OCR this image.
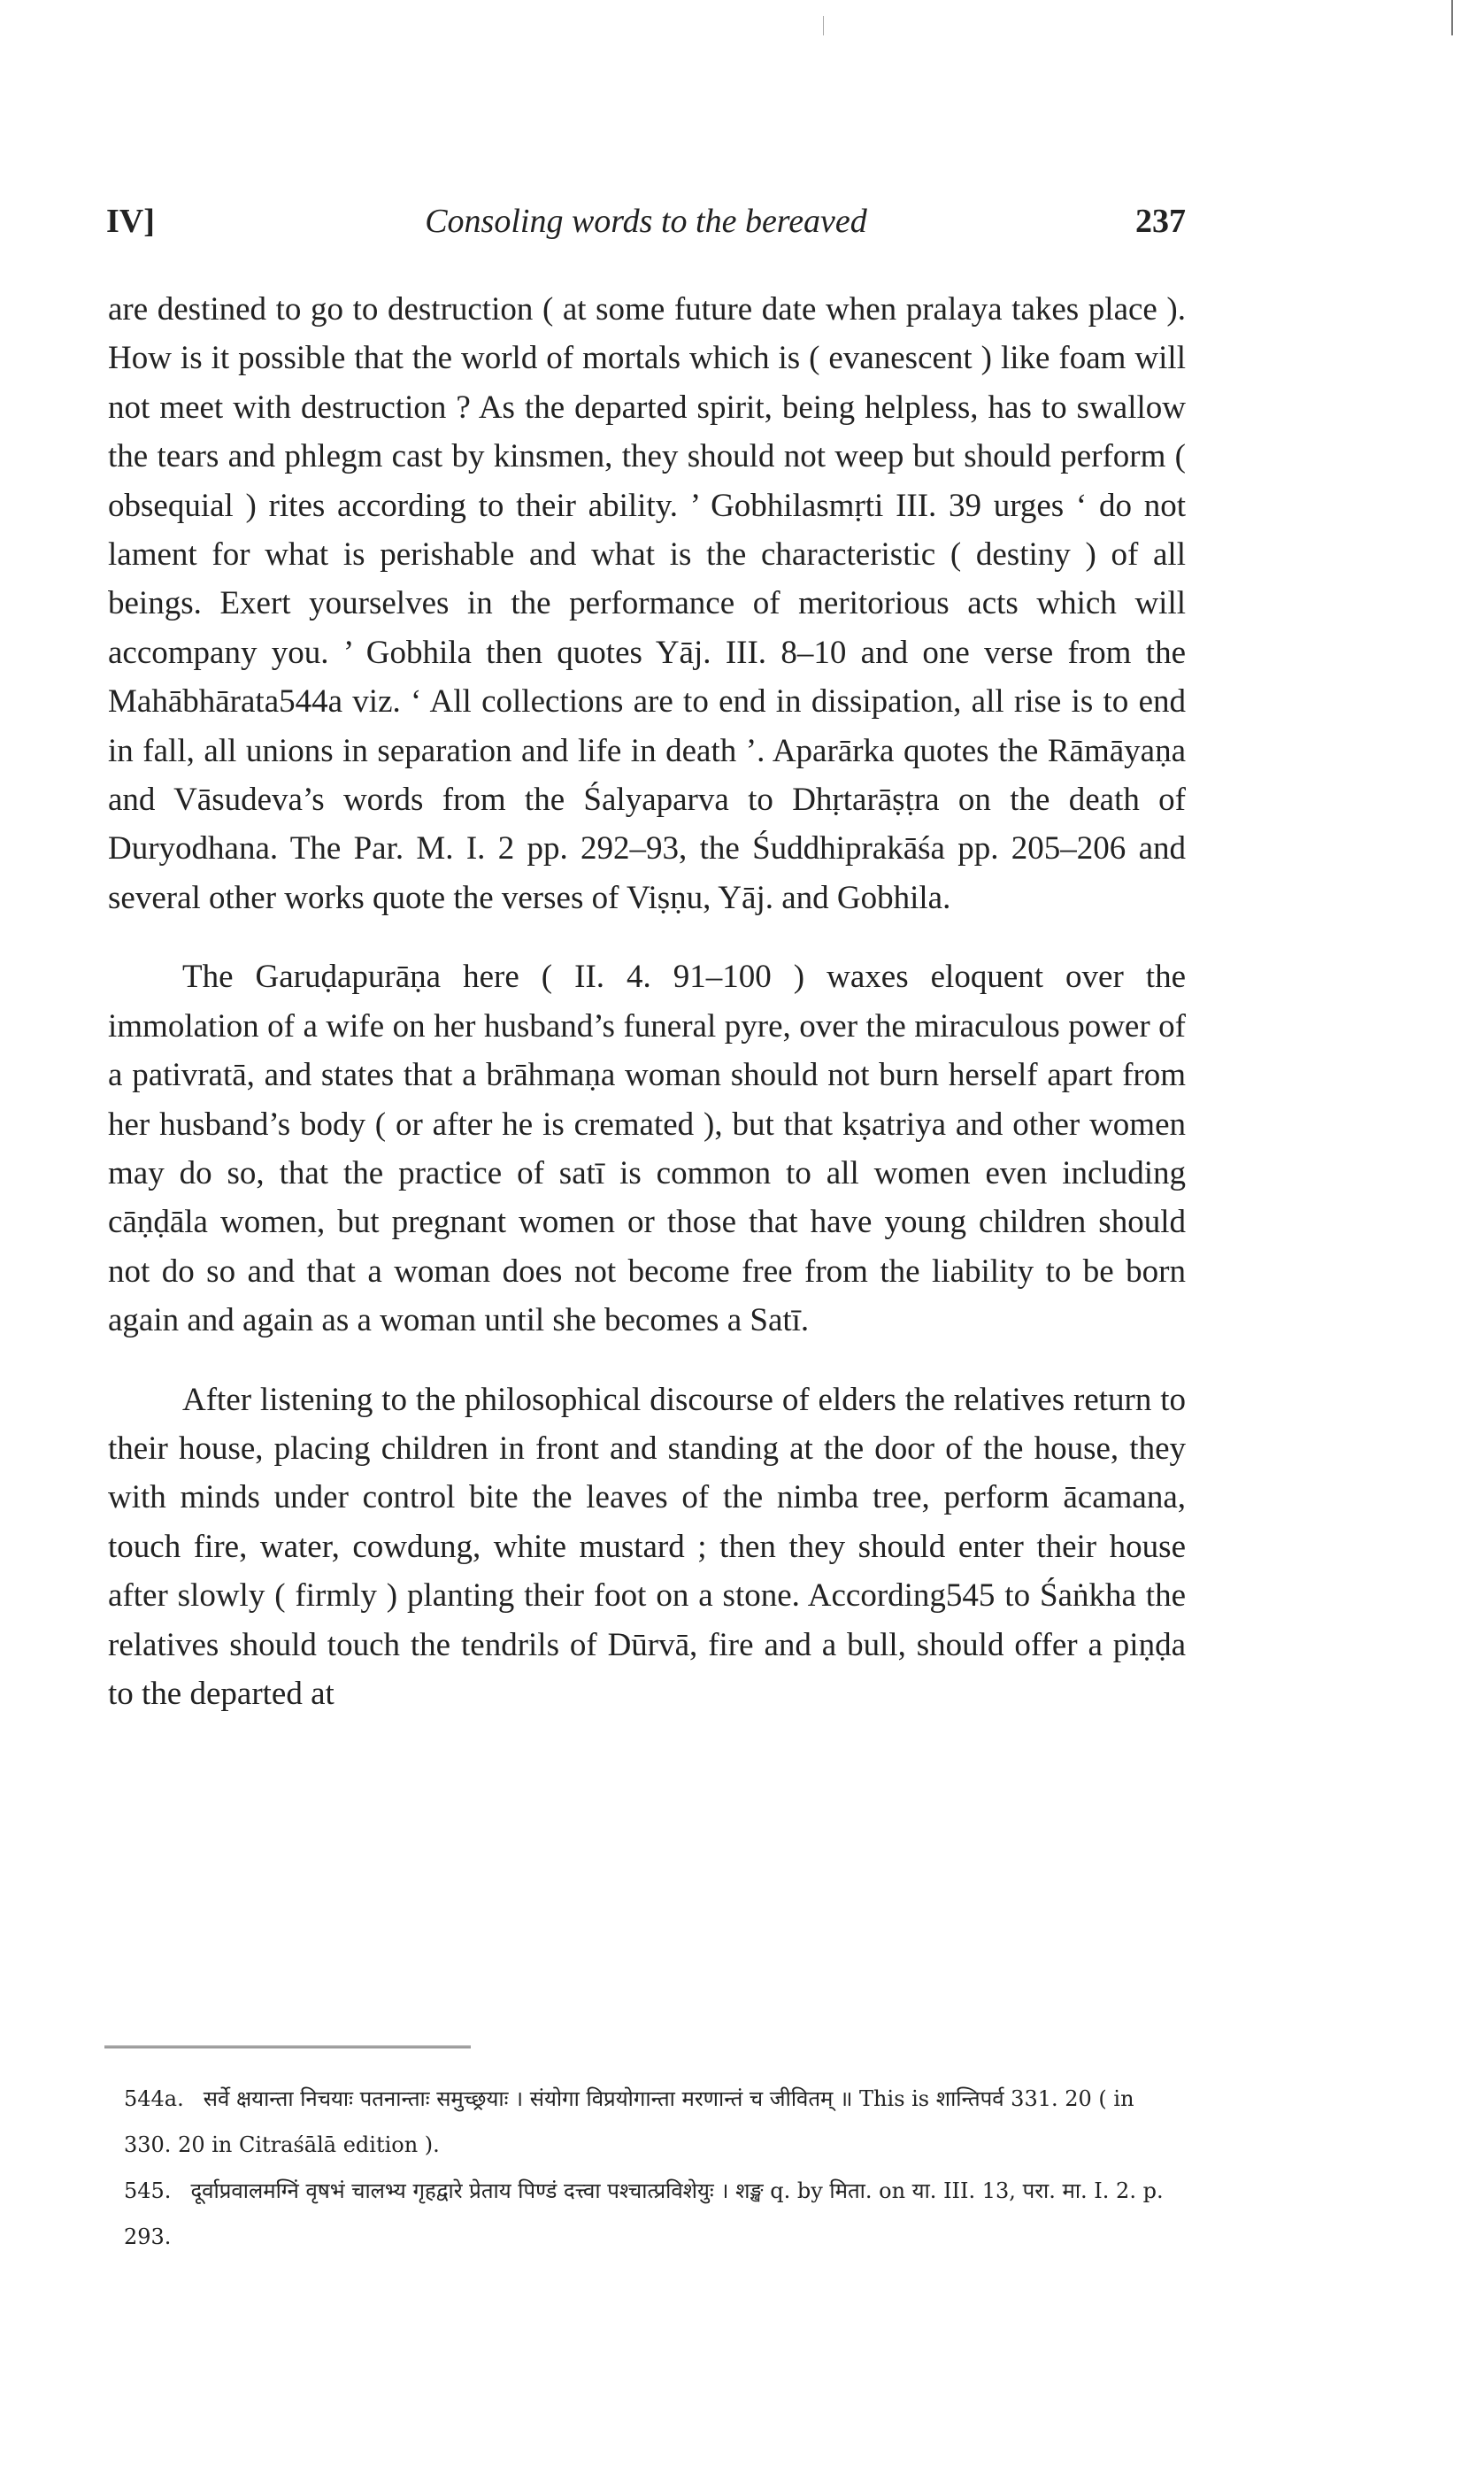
IV]	Consoling words to the bereaved	237

are destined to go to destruction ( at some future date when pralaya takes place ). How is it possible that the world of mortals which is ( evanescent ) like foam will not meet with destruction ? As the departed spirit, being helpless, has to swallow the tears and phlegm cast by kinsmen, they should not weep but should perform ( obsequial ) rites according to their ability. ’ Gobhilasmṛti III. 39 urges ‘ do not lament for what is perishable and what is the characteristic ( destiny ) of all beings. Exert yourselves in the performance of meritorious acts which will accompany you. ’ Gobhila then quotes Yāj. III. 8–10 and one verse from the Mahābhārata544a viz. ‘ All collections are to end in dissipation, all rise is to end in fall, all unions in separation and life in death ’. Aparārka quotes the Rāmāyaṇa and Vāsudeva’s words from the Śalyaparva to Dhṛtarāṣṭra on the death of Duryodhana. The Par. M. I. 2 pp. 292–93, the Śuddhiprakāśa pp. 205–206 and several other works quote the verses of Viṣṇu, Yāj. and Gobhila.

The Garuḍapurāṇa here ( II. 4. 91–100 ) waxes eloquent over the immolation of a wife on her husband’s funeral pyre, over the miraculous power of a pativratā, and states that a brāhmaṇa woman should not burn herself apart from her husband’s body ( or after he is cremated ), but that kṣatriya and other women may do so, that the practice of satī is common to all women even including cāṇḍāla women, but pregnant women or those that have young children should not do so and that a woman does not become free from the liability to be born again and again as a woman until she becomes a Satī.

After listening to the philosophical discourse of elders the relatives return to their house, placing children in front and standing at the door of the house, they with minds under control bite the leaves of the nimba tree, perform ācamana, touch fire, water, cowdung, white mustard ; then they should enter their house after slowly ( firmly ) planting their foot on a stone. According545 to Śaṅkha the relatives should touch the tendrils of Dūrvā, fire and a bull, should offer a piṇḍa to the departed at

544a. सर्वे क्षयान्ता निचयाः पतनान्ताः समुच्छ्रयाः । संयोगा विप्रयोगान्ता मरणान्तं च जीवितम् ॥ This is शान्तिपर्व 331. 20 ( in 330. 20 in Citraśālā edition ).

545. दूर्वाप्रवालमग्निं वृषभं चालभ्य गृहद्वारे प्रेताय पिण्डं दत्त्वा पश्चात्प्रविशेयुः । शङ्ख q. by मिता. on या. III. 13, परा. मा. I. 2. p. 293.
